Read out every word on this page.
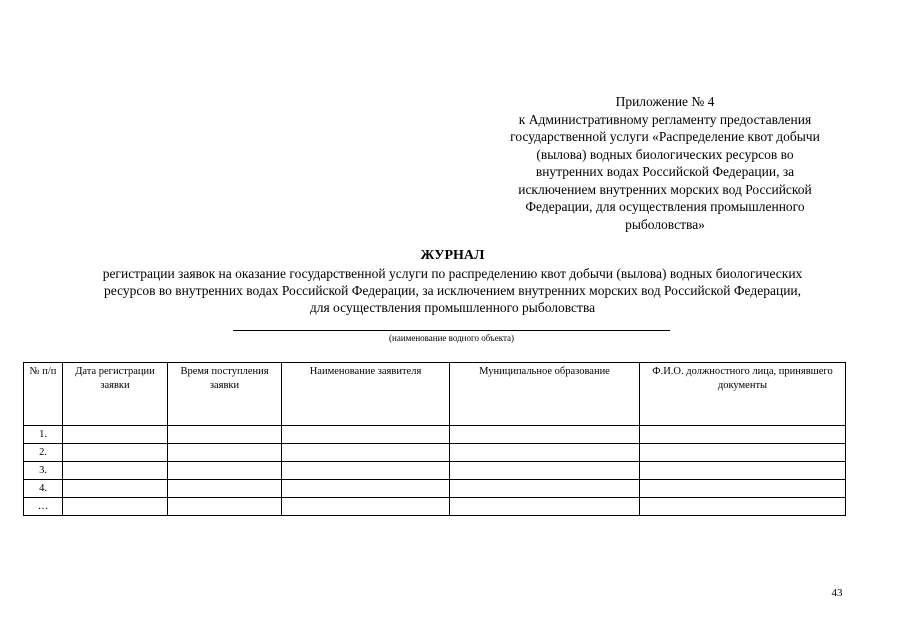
Приложение № 4
к Административному регламенту предоставления
государственной услуги «Распределение квот добычи
(вылова) водных биологических ресурсов во
внутренних водах Российской Федерации, за
исключением внутренних морских вод Российской
Федерации, для осуществления промышленного
рыболовства»
ЖУРНАЛ
регистрации заявок на оказание государственной услуги по распределению квот добычи (вылова) водных биологических
ресурсов во внутренних водах Российской Федерации, за исключением внутренних морских вод Российской Федерации,
для осуществления промышленного рыболовства
(наименование водного объекта)
№ п/п	Дата регистрации заявки	Время поступления заявки	Наименование заявителя	Муниципальное образование	Ф.И.О. должностного лица, принявшего документы
1.					
2.					
3.					
4.					
…					
43
